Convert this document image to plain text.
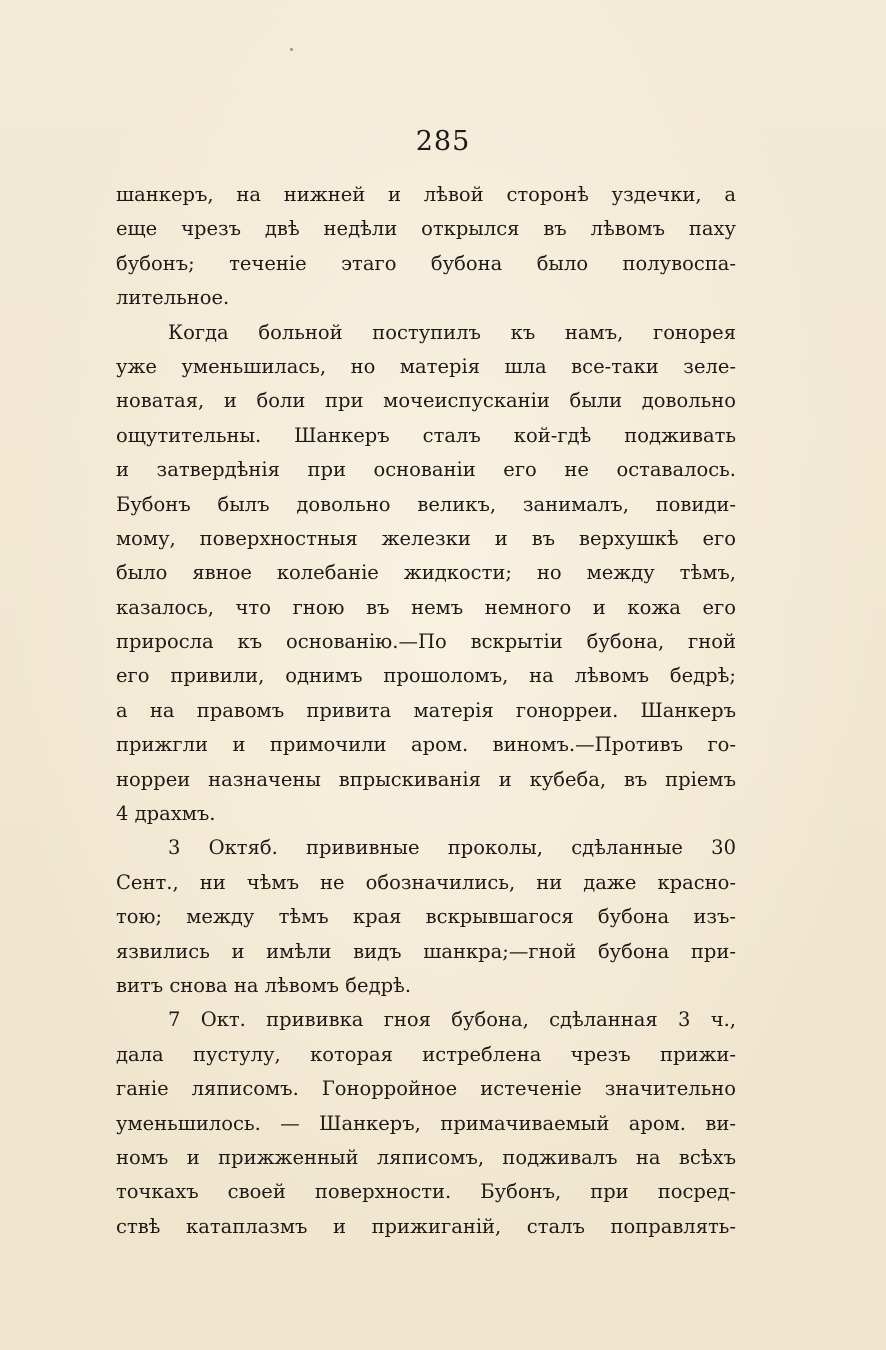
285
шанкеръ, на нижней и лѣвой сторонѣ уздечки, а
еще чрезъ двѣ недѣли открылся въ лѣвомъ паху
бубонъ; теченіе этаго бубона было полувоспа-
лительное.
Когда больной поступилъ къ намъ, гонорея
уже уменьшилась, но матерія шла все-таки зеле-
новатая, и боли при мочеиспусканіи были довольно
ощутительны. Шанкеръ сталъ кой-гдѣ подживать
и затвердѣнія при основаніи его не оставалось.
Бубонъ былъ довольно великъ, занималъ, повиди-
мому, поверхностныя железки и въ верхушкѣ его
было явное колебаніе жидкости; но между тѣмъ,
казалось, что гною въ немъ немного и кожа его
приросла къ основанію.—По вскрытіи бубона, гной
его привили, однимъ прошоломъ, на лѣвомъ бедрѣ;
а на правомъ привита матерія гонорреи. Шанкеръ
прижгли и примочили аром. виномъ.—Противъ го-
норреи назначены впрыскиванія и кубеба, въ пріемъ
4 драхмъ.
3 Октяб. прививные проколы, сдѣланные 30
Сент., ни чѣмъ не обозначились, ни даже красно-
тою; между тѣмъ края вскрывшагося бубона изъ-
язвились и имѣли видъ шанкра;—гной бубона при-
витъ снова на лѣвомъ бедрѣ.
7 Окт. прививка гноя бубона, сдѣланная 3 ч.,
дала пустулу, которая истреблена чрезъ прижи-
ганіе ляписомъ. Гонорройное истеченіе значительно
уменьшилось. — Шанкеръ, примачиваемый аром. ви-
номъ и прижженный ляписомъ, подживалъ на всѣхъ
точкахъ своей поверхности. Бубонъ, при посред-
ствѣ катаплазмъ и прижиганій, сталъ поправлять-
